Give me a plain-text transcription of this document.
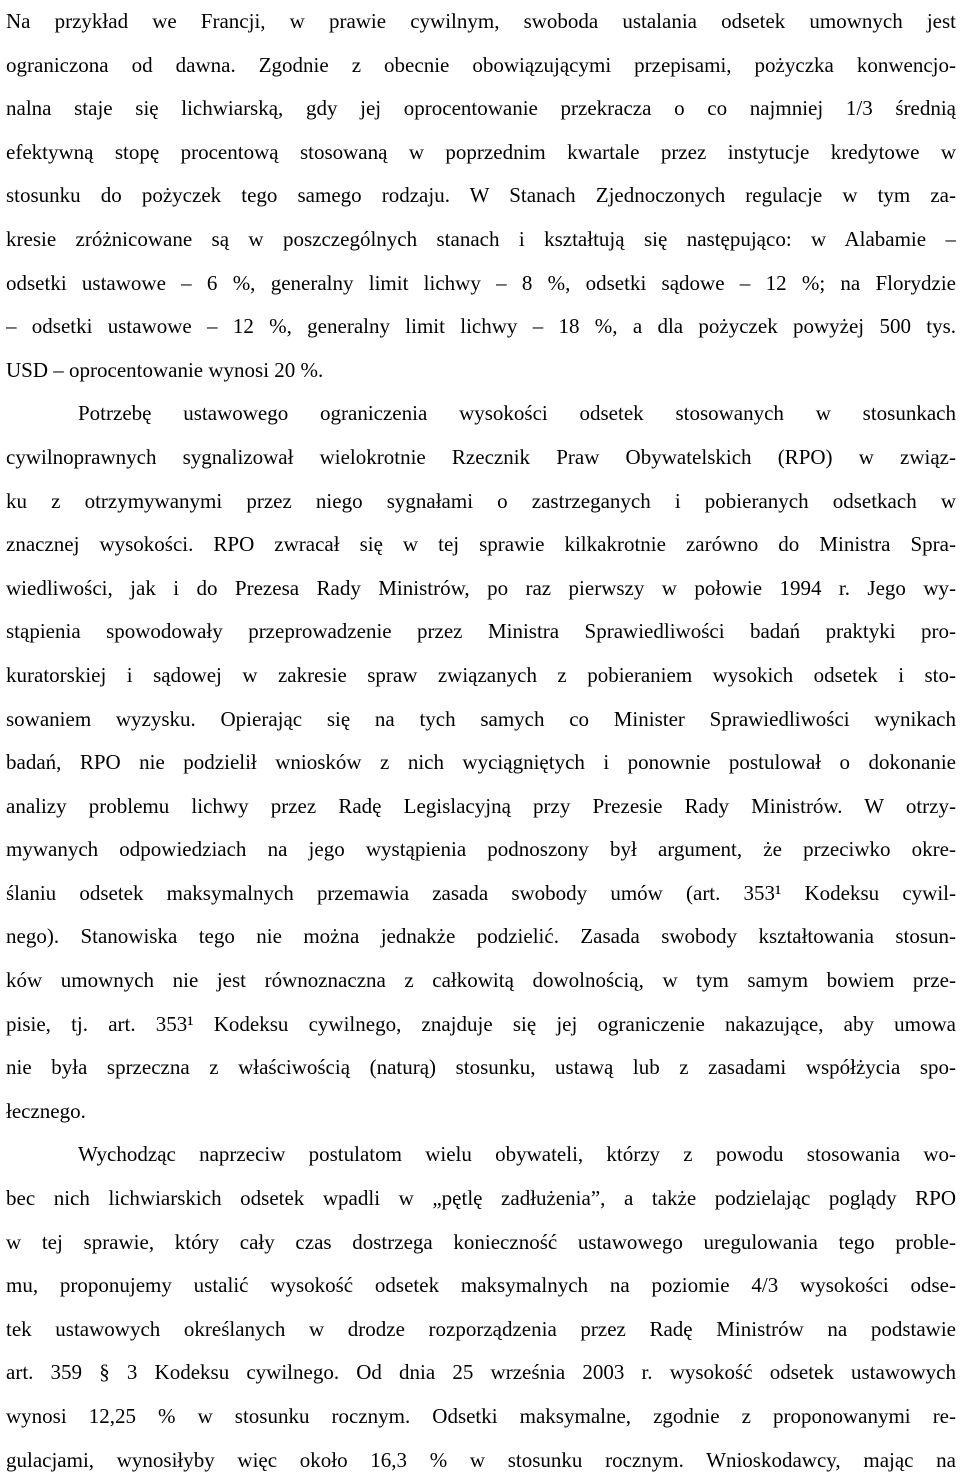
Na przykład we Francji, w prawie cywilnym, swoboda ustalania odsetek umownych jest
ograniczona od dawna. Zgodnie z obecnie obowiązującymi przepisami, pożyczka konwencjo-
nalna staje się lichwiarską, gdy jej oprocentowanie przekracza o co najmniej 1/3 średnią
efektywną stopę procentową stosowaną w poprzednim kwartale przez instytucje kredytowe w
stosunku do pożyczek tego samego rodzaju. W Stanach Zjednoczonych regulacje w tym za-
kresie zróżnicowane są w poszczególnych stanach i kształtują się następująco: w Alabamie –
odsetki ustawowe – 6 %, generalny limit lichwy – 8 %, odsetki sądowe – 12 %; na Florydzie
– odsetki ustawowe – 12 %, generalny limit lichwy – 18 %, a dla pożyczek powyżej 500 tys.
USD – oprocentowanie wynosi 20 %.

Potrzebę ustawowego ograniczenia wysokości odsetek stosowanych w stosunkach
cywilnoprawnych sygnalizował wielokrotnie Rzecznik Praw Obywatelskich (RPO) w związ-
ku z otrzymywanymi przez niego sygnałami o zastrzeganych i pobieranych odsetkach w
znacznej wysokości. RPO zwracał się w tej sprawie kilkakrotnie zarówno do Ministra Spra-
wiedliwości, jak i do Prezesa Rady Ministrów, po raz pierwszy w połowie 1994 r. Jego wy-
stąpienia spowodowały przeprowadzenie przez Ministra Sprawiedliwości badań praktyki pro-
kuratorskiej i sądowej w zakresie spraw związanych z pobieraniem wysokich odsetek i sto-
sowaniem wyzysku. Opierając się na tych samych co Minister Sprawiedliwości wynikach
badań, RPO nie podzielił wniosków z nich wyciągniętych i ponownie postulował o dokonanie
analizy problemu lichwy przez Radę Legislacyjną przy Prezesie Rady Ministrów. W otrzy-
mywanych odpowiedziach na jego wystąpienia podnoszony był argument, że przeciwko okre-
ślaniu odsetek maksymalnych przemawia zasada swobody umów (art. 353¹ Kodeksu cywil-
nego). Stanowiska tego nie można jednakże podzielić. Zasada swobody kształtowania stosun-
ków umownych nie jest równoznaczna z całkowitą dowolnością, w tym samym bowiem prze-
pisie, tj. art. 353¹ Kodeksu cywilnego, znajduje się jej ograniczenie nakazujące, aby umowa
nie była sprzeczna z właściwością (naturą) stosunku, ustawą lub z zasadami współżycia spo-
łecznego.

Wychodząc naprzeciw postulatom wielu obywateli, którzy z powodu stosowania wo-
bec nich lichwiarskich odsetek wpadli w „pętlę zadłużenia”, a także podzielając poglądy RPO
w tej sprawie, który cały czas dostrzega konieczność ustawowego uregulowania tego proble-
mu, proponujemy ustalić wysokość odsetek maksymalnych na poziomie 4/3 wysokości odse-
tek ustawowych określanych w drodze rozporządzenia przez Radę Ministrów na podstawie
art. 359 § 3 Kodeksu cywilnego. Od dnia 25 września 2003 r. wysokość odsetek ustawowych
wynosi 12,25 % w stosunku rocznym. Odsetki maksymalne, zgodnie z proponowanymi re-
gulacjami, wynosiłyby więc około 16,3 % w stosunku rocznym. Wnioskodawcy, mając na
